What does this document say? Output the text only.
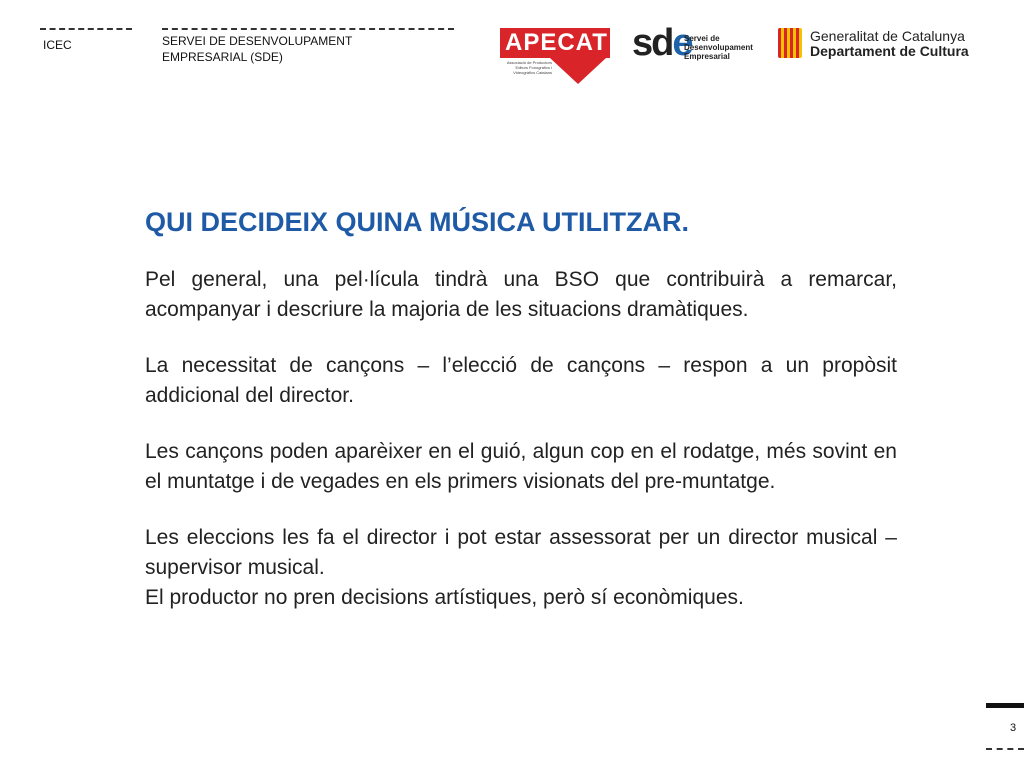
ICEC	SERVEI DE DESENVOLUPAMENT EMPRESARIAL (SDE)
APECAT
Associació de Productors Editors Fonogràfics i Videogràfics Catalans
sde
Servei de Desenvolupament Empresarial
Generalitat de Catalunya
Departament de Cultura
QUI DECIDEIX QUINA MÚSICA UTILITZAR.

Pel general, una pel·lícula tindrà una BSO que contribuirà a remarcar, acompanyar i descriure la majoria de les situacions dramàtiques.

La necessitat de cançons – l’elecció de cançons – respon a un propòsit addicional del director.

Les cançons poden aparèixer en el guió, algun cop en el rodatge, més sovint en el muntatge i de vegades en els primers visionats del pre-muntatge.

Les eleccions les fa el director i pot estar assessorat per un director musical – supervisor musical.

El productor no pren decisions artístiques, però sí econòmiques.

3
